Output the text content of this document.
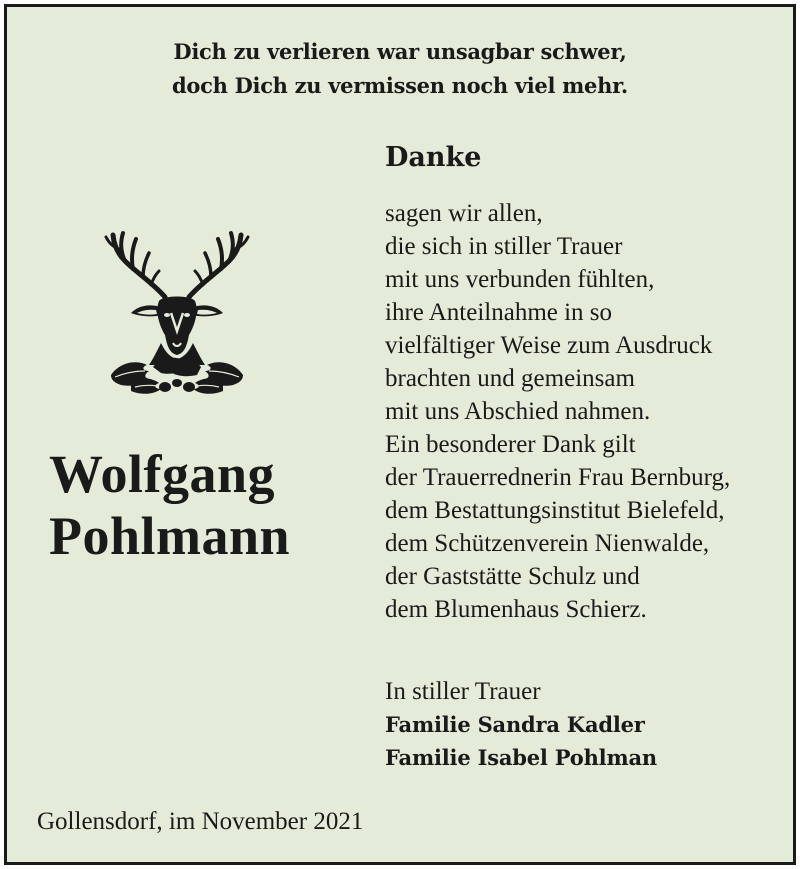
Dich zu verlieren war unsagbar schwer,
doch Dich zu vermissen noch viel mehr.
Danke
sagen wir allen,
die sich in stiller Trauer
mit uns verbunden fühlten,
ihre Anteilnahme in so
vielfältiger Weise zum Ausdruck
brachten und gemeinsam
mit uns Abschied nahmen.
Ein besonderer Dank gilt
der Trauerrednerin Frau Bernburg,
dem Bestattungsinstitut Bielefeld,
dem Schützenverein Nienwalde,
der Gaststätte Schulz und
dem Blumenhaus Schierz.
Wolfgang
Pohlmann
In stiller Trauer
Familie Sandra Kadler
Familie Isabel Pohlman
Gollensdorf, im November 2021
